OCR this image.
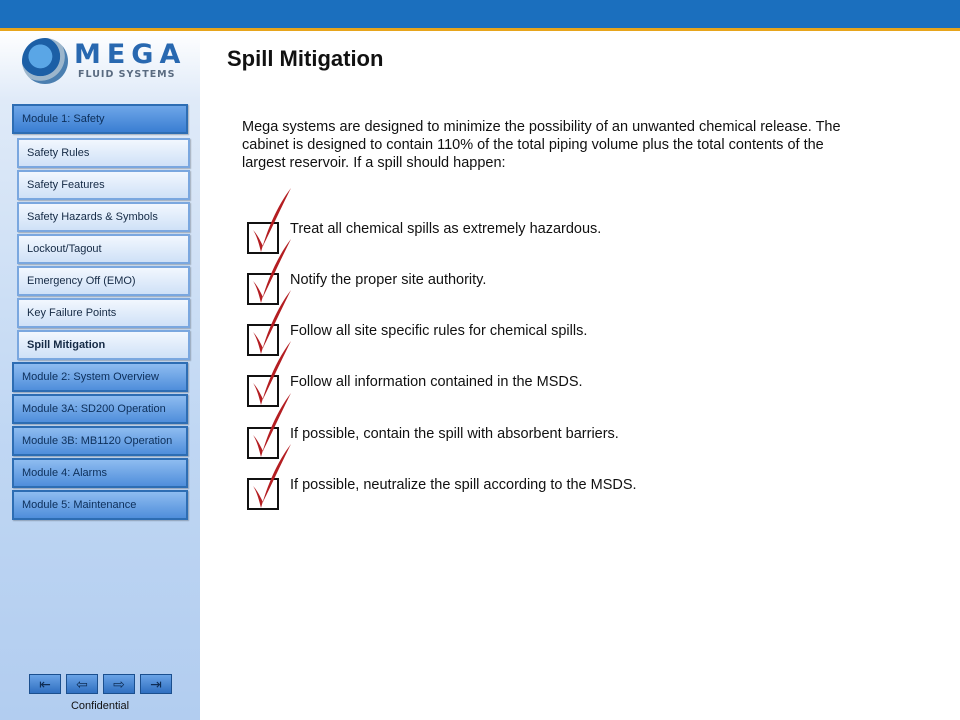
MEGA
FLUID SYSTEMS
Module 1: Safety
Safety Rules
Safety Features
Safety Hazards & Symbols
Lockout/Tagout
Emergency Off (EMO)
Key Failure Points
Spill Mitigation
Module 2: System Overview
Module 3A: SD200 Operation
Module 3B: MB1120 Operation
Module 4: Alarms
Module 5: Maintenance
⇤	⇦	⇨	⇥
Confidential
Spill Mitigation
Mega systems are designed to minimize the possibility of an unwanted chemical release. The cabinet is designed to contain 110% of the total piping volume plus the total contents of the largest reservoir. If a spill should happen:
Treat all chemical spills as extremely hazardous.
Notify the proper site authority.
Follow all site specific rules for chemical spills.
Follow all information contained in the MSDS.
If possible, contain the spill with absorbent barriers.
If possible, neutralize the spill according to the MSDS.
